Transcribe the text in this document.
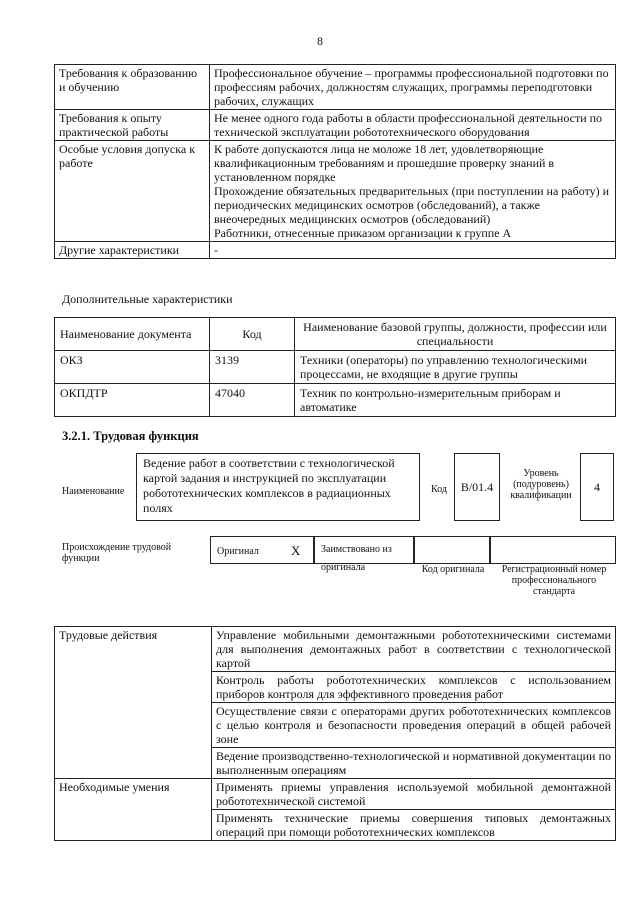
8
Требования к образованию и обучению	Профессиональное обучение – программы профессиональной подготовки по профессиям рабочих, должностям служащих, программы переподготовки рабочих, служащих
Требования к опыту практической работы	Не менее одного года работы в области профессиональной деятельности по технической эксплуатации робототехнического оборудования
Особые условия допуска к работе	К работе допускаются лица не моложе 18 лет, удовлетворяющие квалификационным требованиям и прошедшие проверку знаний в установленном порядке
Прохождение обязательных предварительных (при поступлении на работу) и периодических медицинских осмотров (обследований), а также внеочередных медицинских осмотров (обследований)
Работники, отнесенные приказом организации к группе А

Другие характеристики	-
Дополнительные характеристики
Наименование документа	Код	Наименование базовой группы, должности, профессии или специальности
ОКЗ	3139	Техники (операторы) по управлению технологическими процессами, не входящие в другие группы
ОКПДТР	47040	Техник по контрольно-измерительным приборам и автоматике
3.2.1. Трудовая функция
Наименование
Ведение работ в соответствии с технологической картой задания и инструкцией по эксплуатации робототехнических комплексов в радиационных полях
Код	B/01.4
Уровень (подуровень) квалификации
4
Происхождение трудовой функции
Оригинал X	Заимствовано из оригинала	Код оригинала	Регистрационный номер профессионального стандарта
Трудовые действия	Управление мобильными демонтажными робототехническими системами для выполнения демонтажных работ в соответствии с технологической картой
	Контроль работы робототехнических комплексов с использованием приборов контроля для эффективного проведения работ
	Осуществление связи с операторами других робототехнических комплексов с целью контроля и безопасности проведения операций в общей рабочей зоне
	Ведение производственно-технологической и нормативной документации по выполненным операциям
Необходимые умения	Применять приемы управления используемой мобильной демонтажной робототехнической системой
	Применять технические приемы совершения типовых демонтажных операций при помощи робототехнических комплексов
